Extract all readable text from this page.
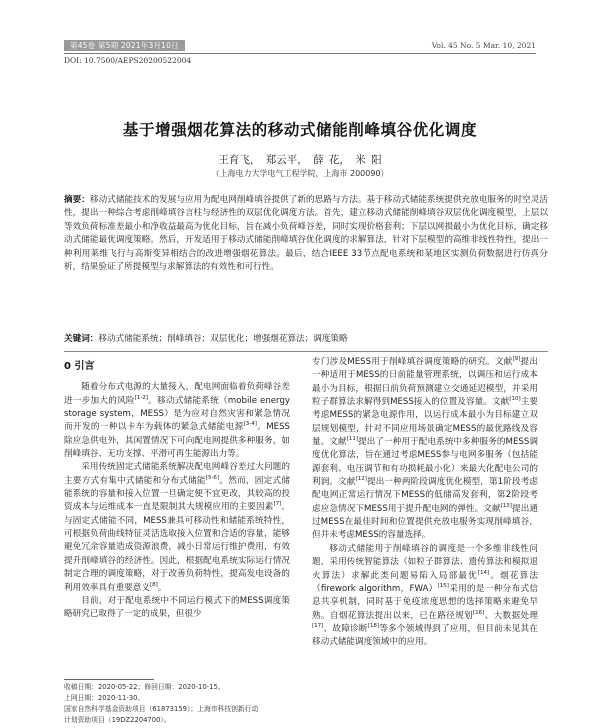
第45卷 第5期 2021年3月10日	Vol. 45 No. 5 Mar. 10, 2021
DOI: 10.7500/AEPS20200522004
基于增强烟花算法的移动式储能削峰填谷优化调度
王育飞， 郑云平， 薛 花， 米 阳
（上海电力大学电气工程学院，上海市 200090）
摘要：移动式储能技术的发展与应用为配电网削峰填谷提供了新的思路与方法。基于移动式储能系统提供充放电服务的时空灵活性，提出一种综合考虑削峰填谷言柱与经济性的双层优化调度方法。首先，建立移动式储能削峰填谷双层优化调度模型，上层以等效负荷标准差最小和净收益最高为优化目标，旨在减小负荷峰谷差，同时实现价格套利；下层以网损最小为优化目标，确定移动式储能最优调度策略。然后，开发适用于移动式储能削峰填谷优化调度的求解算法，针对下层模型的高维非线性特性，提出一种利用莱维飞行与高斯变异相结合的改进增强烟花算法。最后，结合IEEE 33节点配电系统和某地区实测负荷数据进行仿真分析，结果验证了所提模型与求解算法的有效性和可行性。
关键词：移动式储能系统；削峰填谷；双层优化；增强烟花算法；调度策略
0 引言

随着分布式电源的大量接入，配电网面临着负荷峰谷差进一步加大的风险[1-2]。移动式储能系统（mobile energy storage system，MESS）是为应对自然灾害和紧急情况而开发的一种以卡车为载体的紧急式储能电源[3-4]。MESS除应急供电外，其闲置情况下可向配电网提供多种服务，如削峰填谷、无功支撑、平滑可再生能源出力等。

采用传统固定式储能系统解决配电网峰谷差过大问题的主要方式有集中式储能和分布式储能[5-6]。然而，固定式储能系统的容量和接入位置一旦确定便不宜更改，其较高的投资成本与运维成本一直是限制其大规模应用的主要因素[7]。与固定式储能不同，MESS兼具可移动性和储能系统特性，可根据负荷曲线特征灵活选取接入位置和合适的容量，能够避免冗余容量造成资源浪费，减小日常运行维护费用，有效提升削峰填谷的经济性。因此，根据配电系统实际运行情况制定合理的调度策略，对于改善负荷特性，提高发电设备的利用效率具有重要意义[8]。

目前，对于配电系统中不同运行模式下的MESS调度策略研究已取得了一定的成果，但很少

专门涉及MESS用于削峰填谷调度策略的研究。文献[9]提出一种适用于MESS的日前能量管理系统，以调压和运行成本最小为目标，根据日前负荷预测建立交通延迟模型，并采用粒子群算法求解得到MESS接入的位置及容量。文献[10]主要考虑MESS的紧急电源作用，以运行成本最小为目标建立双层规划模型，针对不同应用场景确定MESS的最优路线及容量。文献[11]提出了一种用于配电系统中多种服务的MESS调度优化算法，旨在通过考虑MESS参与电网多服务（包括能源套利、电压调节和有功损耗最小化）来最大化配电公司的利润。文献[12]提出一种两阶段调度优化模型，第1阶段考虑配电网正常运行情况下MESS的低储高发套利，第2阶段考虑应急情况下MESS用于提升配电网的弹性。文献[13]提出通过MESS在最佳时间和位置提供充放电服务实现削峰填谷，但并未考虑MESS的容量选择。

移动式储能用于削峰填谷的调度是一个多维非线性问题，采用传统智能算法（如粒子群算法、遗传算法和模拟退火算法）求解此类问题易陷入局部最优[14]。烟花算法（firework algorithm，FWA）[15]采用的是一种分布式信息共享机制，同时基于免疫浓度思想的选择策略来避免早熟。自烟花算法提出以来，已在路径规划[16]、大数据处理[17]、故障诊断[18]等多个领域得到了应用，但目前未见其在移动式储能调度领域中的应用。

收稿日期：2020-05-22；修回日期：2020-10-15。
上网日期：2020-11-30。
国家自然科学基金资助项目（61873159）；上海市科技创新行动
计划资助项目（19DZ2204700）。
